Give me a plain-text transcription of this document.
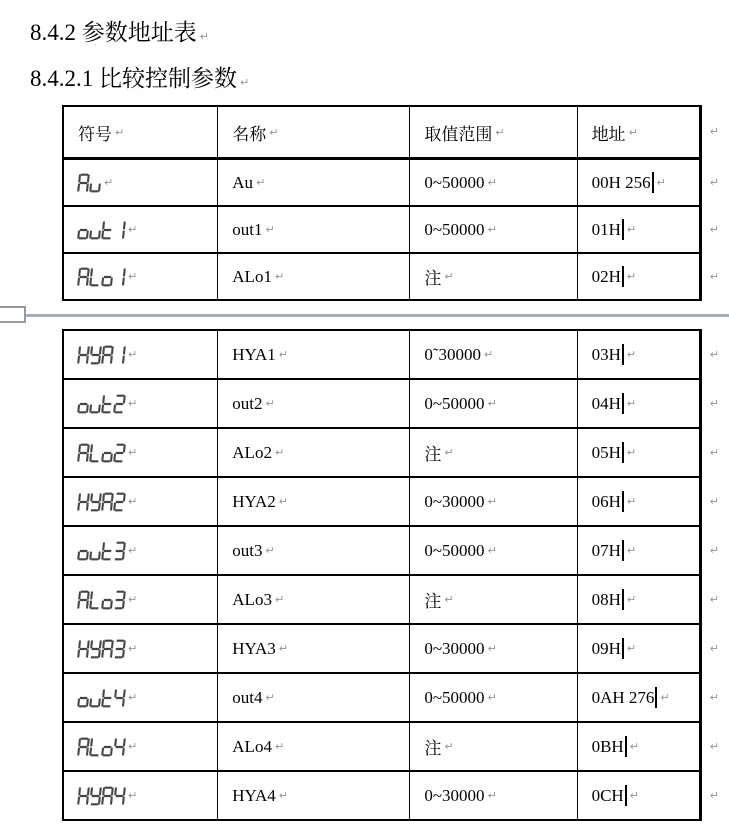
8.4.2 参数地址表 ↵
8.4.2.1 比较控制参数 ↵
符号 ↵	名称 ↵	取值范围 ↵	地址 ↵	↵
↵	Au ↵	0~50000 ↵	00H 256 ↵	↵
↵	out1 ↵	0~50000 ↵	01H ↵	↵
↵	ALo1 ↵	注 ↵	02H ↵	↵
↵	HYA1 ↵	0˜30000 ↵	03H ↵	↵
↵	out2 ↵	0~50000 ↵	04H ↵	↵
↵	ALo2 ↵	注 ↵	05H ↵	↵
↵	HYA2 ↵	0~30000 ↵	06H ↵	↵
↵	out3 ↵	0~50000 ↵	07H ↵	↵
↵	ALo3 ↵	注 ↵	08H ↵	↵
↵	HYA3 ↵	0~30000 ↵	09H ↵	↵
↵	out4 ↵	0~50000 ↵	0AH 276 ↵	↵
↵	ALo4 ↵	注 ↵	0BH ↵	↵
↵	HYA4 ↵	0~30000 ↵	0CH ↵	↵
